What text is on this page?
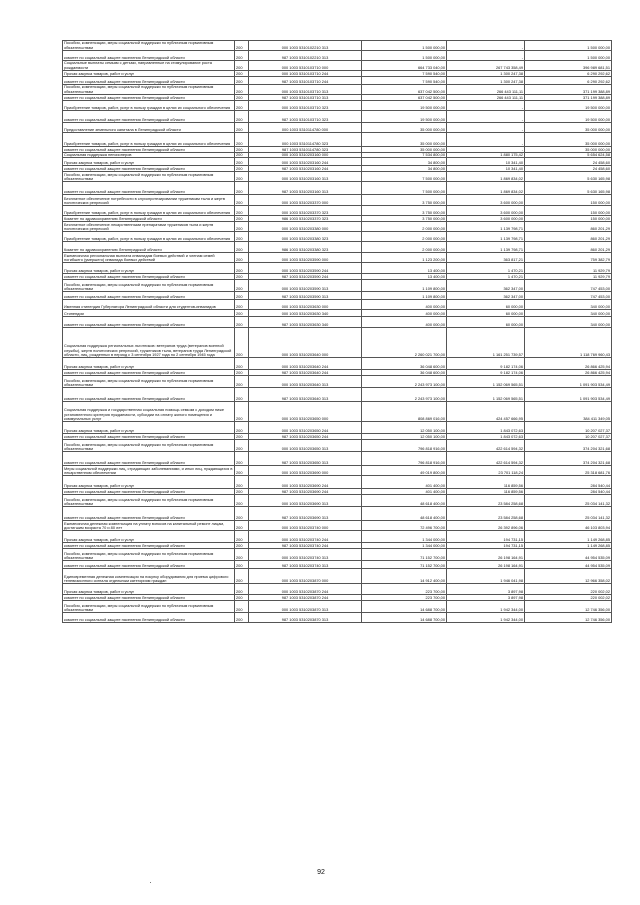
Пособия, компенсации, меры социальной поддержки по публичным нормативным обязательствам	200	000 1003 5310102210 313	1 500 000,00	-	1 500 000,00
комитет по социальной защите населения Ленинградской области	200	987 1003 5310102210 313	1 500 000,00	-	1 500 000,00
Социальные выплаты семьям с детьми, направленные на стимулирование роста рождаемости	200	000 1003 5310103710 000	664 733 040,00	267 743 358,49	396 989 681,51
Прочая закупка товаров, работ и услуг	200	000 1003 5310103710 244	7 590 540,00	1 300 247,38	6 290 292,62
комитет по социальной защите населения Ленинградской области	200	987 1003 5310103710 244	7 590 540,00	1 300 247,38	6 290 292,62
Пособия, компенсации, меры социальной поддержки по публичным нормативным обязательствам	200	000 1003 5310103710 313	637 042 500,00	266 443 111,11	371 199 388,89
комитет по социальной защите населения Ленинградской области	200	987 1003 5310103710 313	637 042 500,00	266 443 111,11	371 199 388,89
Приобретение товаров, работ, услуг в пользу граждан в целях их социального обеспечения	200	000 1003 5310103710 323	19 500 000,00	-	19 500 000,00
комитет по социальной защите населения Ленинградской области	200	987 1003 5310103710 323	19 500 000,00	-	19 500 000,00
Предоставление земельного капитала в Ленинградской области	200	000 1003 5310114780 000	35 000 000,00	-	35 000 000,00
Приобретение товаров, работ, услуг в пользу граждан в целях их социального обеспечения	200	000 1003 5310114780 323	35 000 000,00	-	35 000 000,00
комитет по социальной защите населения Ленинградской области	200	987 1003 5310114780 323	35 000 000,00	-	35 000 000,00
Социальная поддержка пенсионеров	200	000 1003 5310203160 000	7 534 800,00	1 880 175,42	5 654 624,58
Прочая закупка товаров, работ и услуг	200	000 1003 5310203160 244	34 800,00	10 341,40	24 458,60
комитет по социальной защите населения Ленинградской области	200	987 1003 5310203160 244	34 800,00	10 341,40	24 458,60
Пособия, компенсации, меры социальной поддержки по публичным нормативным обязательствам	200	000 1003 5310203160 313	7 500 000,00	1 869 834,02	5 630 165,98
комитет по социальной защите населения Ленинградской области	200	987 1003 5310203160 313	7 500 000,00	1 869 834,02	5 630 165,98
Бесплатное обеспечение потребности в слухопротезировании труженикам тыла и жертв политических репрессий	200	000 1003 5310203370 000	3 750 000,00	3 600 000,00	150 000,00
Приобретение товаров, работ, услуг в пользу граждан в целях их социального обеспечения	200	000 1003 5310203370 323	3 750 000,00	3 600 000,00	150 000,00
Комитет по здравоохранению Ленинградской области	200	986 1003 5310203370 323	3 750 000,00	3 600 000,00	150 000,00
Бесплатное обеспечение лекарственными препаратами тружеников тыла и жертв политических репрессий	200	000 1003 5310203380 000	2 000 000,00	1 139 798,71	860 201,29
Приобретение товаров, работ, услуг в пользу граждан в целях их социального обеспечения	200	000 1003 5310203380 323	2 000 000,00	1 139 798,71	860 201,29
Комитет по здравоохранению Ленинградской области	200	986 1003 5310203380 323	2 000 000,00	1 139 798,71	860 201,29
Ежемесячная региональная выплата инвалидам боевых действий и членам семей погибшего (умершего) инвалида боевых действий	200	000 1003 5310203590 000	1 123 200,00	363 817,21	759 382,79
Прочая закупка товаров, работ и услуг	200	000 1003 5310203590 244	13 400,00	1 470,21	11 929,79
комитет по социальной защите населения Ленинградской области	200	987 1003 5310203590 244	13 400,00	1 470,21	11 929,79
Пособия, компенсации, меры социальной поддержки по публичным нормативным обязательствам	200	000 1003 5310203590 313	1 109 800,00	362 347,00	747 453,00
комитет по социальной защите населения Ленинградской области	200	987 1003 5310203590 313	1 109 800,00	362 347,00	747 453,00
Именная стипендия Губернатора Ленинградской области для студентов-инвалидов	200	000 1003 5310203630 000	400 000,00	60 000,00	340 000,00
Стипендии	200	000 1003 5310203630 340	400 000,00	60 000,00	340 000,00
комитет по социальной защите населения Ленинградской области	200	987 1003 5310203630 340	400 000,00	60 000,00	340 000,00
Социальная поддержка региональных льготников: ветеранов труда (ветеранов военной службы), жертв политических репрессий, тружеников тыла, ветеранов труда Ленинградской области, лиц, рожденных в период с 3 сентября 1927 года по 2 сентября 1945 года	200	000 1003 5310203640 000	2 260 021 700,00	1 161 251 739,57	1 118 769 960,43
Прочая закупка товаров, работ и услуг	200	000 1003 5310203640 244	36 048 600,00	9 182 174,06	26 866 425,94
комитет по социальной защите населения Ленинградской области	200	987 1003 5310203640 244	36 048 600,00	9 182 174,06	26 866 425,94
Пособия, компенсации, меры социальной поддержки по публичным нормативным обязательствам	200	000 1003 5310203640 313	2 243 973 100,00	1 152 069 565,51	1 091 903 534,49
комитет по социальной защите населения Ленинградской области	200	987 1003 5310203640 313	2 243 973 100,00	1 152 069 565,51	1 091 903 534,49
Социальная поддержка и государственная социальная помощь семьям с доходом ниже установленного критерия нуждаемости, субсидии на оплату жилого помещения и коммунальных услуг	200	000 1003 5310203650 000	808 869 016,00	424 457 666,95	384 411 349,05
Прочая закупка товаров, работ и услуг	200	000 1003 5310203650 244	12 050 100,00	1 843 072,63	10 207 027,37
комитет по социальной защите населения Ленинградской области	200	987 1003 5310203650 244	12 050 100,00	1 843 072,63	10 207 027,37
Пособия, компенсации, меры социальной поддержки по публичным нормативным обязательствам	200	000 1003 5310203650 313	796 818 916,00	422 614 594,32	374 204 321,68
комитет по социальной защите населения Ленинградской области	200	987 1003 5310203650 313	796 818 916,00	422 614 594,32	374 204 321,68
Меры социальной поддержки лиц, страдающих заболеваниями, и иных лиц, нуждающихся в лекарственном обеспечении	200	000 1003 5310203690 000	49 019 800,00	23 701 118,24	25 318 681,76
Прочая закупка товаров, работ и услуг	200	000 1003 5310203690 244	401 400,00	116 859,56	284 540,44
комитет по социальной защите населения Ленинградской области	200	987 1003 5310203690 244	401 400,00	116 859,56	284 540,44
Пособия, компенсации, меры социальной поддержки по публичным нормативным обязательствам	200	000 1003 5310203690 313	48 618 400,00	23 584 258,68	25 034 141,32
комитет по социальной защите населения Ленинградской области	200	987 1003 5310203690 313	48 618 400,00	23 584 258,68	25 034 141,32
Ежемесячная денежная компенсация на уплату взносов на капитальный ремонт лицам, достигшим возраста 70 и 80 лет	200	000 1003 5310203740 000	72 496 700,00	26 392 896,06	46 103 803,94
Прочая закупка товаров, работ и услуг	200	000 1003 5310203740 244	1 344 000,00	194 731,15	1 149 268,85
комитет по социальной защите населения Ленинградской области	200	987 1003 5310203740 244	1 344 000,00	194 731,15	1 149 268,85
Пособия, компенсации, меры социальной поддержки по публичным нормативным обязательствам	200	000 1003 5310203740 313	71 152 700,00	26 198 164,91	44 954 535,09
комитет по социальной защите населения Ленинградской области	200	987 1003 5310203740 313	71 152 700,00	26 198 164,91	44 954 535,09
Единовременная денежная компенсация на покупку оборудования для приема цифрового телевизионного сигнала отдельным категориям граждан	200	000 1003 5310203870 000	14 912 400,00	1 946 041,98	12 966 358,02
Прочая закупка товаров, работ и услуг	200	000 1003 5310203870 244	223 700,00	3 897,98	220 002,02
комитет по социальной защите населения Ленинградской области	200	987 1003 5310203870 244	223 700,00	3 897,98	220 002,02
Пособия, компенсации, меры социальной поддержки по публичным нормативным обязательствам	200	000 1003 5310203870 313	14 688 700,00	1 942 344,00	12 746 356,00
комитет по социальной защите населения Ленинградской области	200	987 1003 5310203870 313	14 688 700,00	1 942 344,00	12 746 356,00
92
